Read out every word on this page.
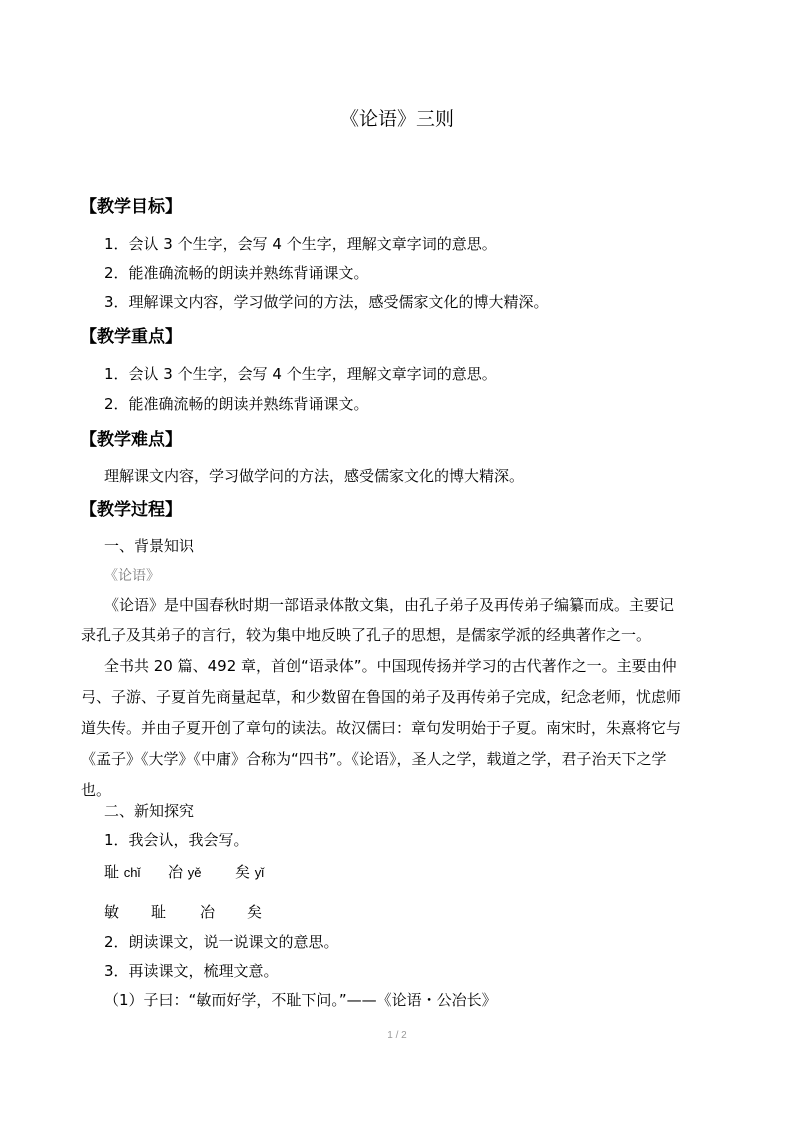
《论语》三则
【教学目标】
1．会认 3 个生字，会写 4 个生字，理解文章字词的意思。
2．能准确流畅的朗读并熟练背诵课文。
3．理解课文内容，学习做学问的方法，感受儒家文化的博大精深。
【教学重点】
1．会认 3 个生字，会写 4 个生字，理解文章字词的意思。
2．能准确流畅的朗读并熟练背诵课文。
【教学难点】
理解课文内容，学习做学问的方法，感受儒家文化的博大精深。
【教学过程】
一、背景知识
《论语》
《论语》是中国春秋时期一部语录体散文集，由孔子弟子及再传弟子编纂而成。主要记
录孔子及其弟子的言行，较为集中地反映了孔子的思想，是儒家学派的经典著作之一。
全书共 20 篇、492 章，首创“语录体”。中国现传扬并学习的古代著作之一。主要由仲
弓、子游、子夏首先商量起草，和少数留在鲁国的弟子及再传弟子完成，纪念老师，忧虑师
道失传。并由子夏开创了章句的读法。故汉儒曰：章句发明始于子夏。南宋时，朱熹将它与
《孟子》《大学》《中庸》合称为“四书”。《论语》，圣人之学，载道之学，君子治天下之学
也。
二、新知探究
1．我会认，我会写。
耻 chǐ 冶 yě 矣 yǐ
敏 耻 冶 矣
2．朗读课文，说一说课文的意思。
3．再读课文，梳理文意。
（1）子曰：“敏而好学，不耻下问。”——《论语・公冶长》
1 / 2
